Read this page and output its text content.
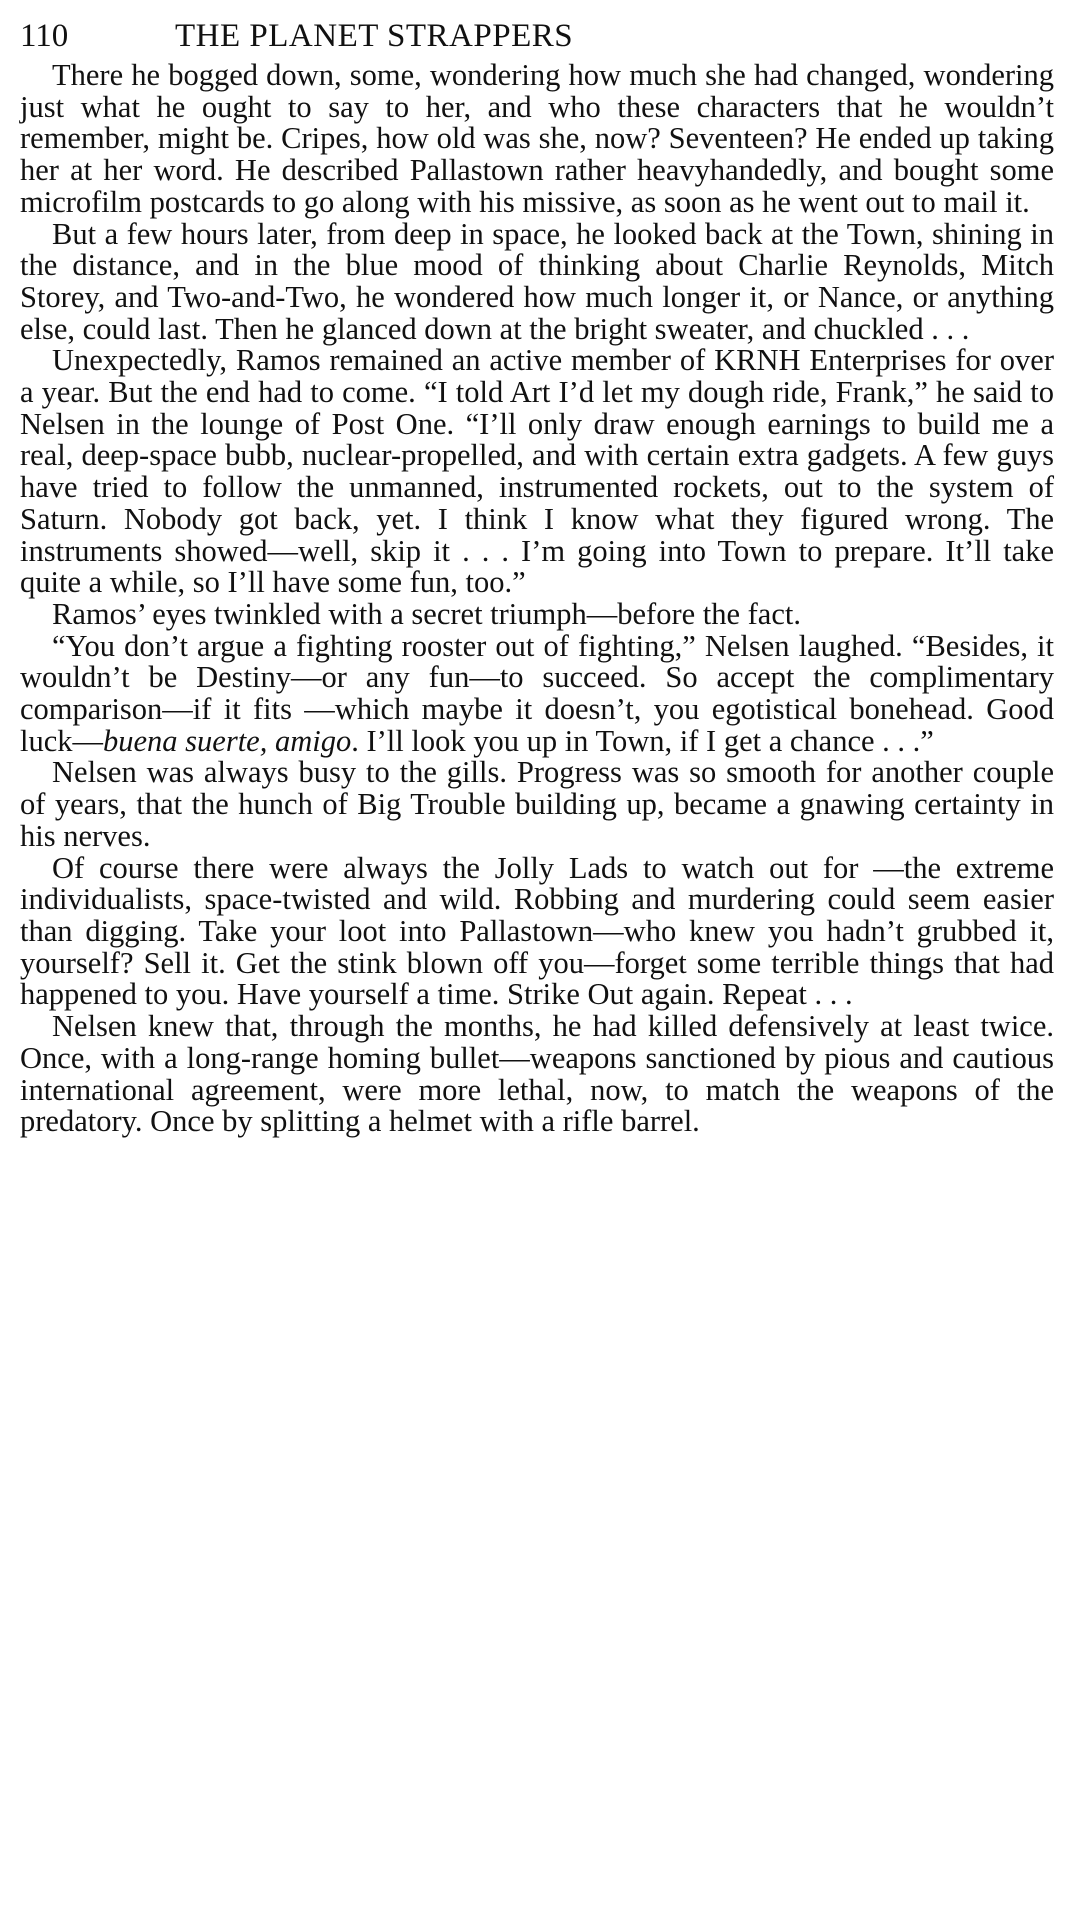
110	THE PLANET STRAPPERS

There he bogged down, some, wondering how much she had changed, wondering just what he ought to say to her, and who these characters that he wouldn’t remember, might be. Cripes, how old was she, now? Seventeen? He ended up taking her at her word. He described Pallastown rather heavyhandedly, and bought some microfilm postcards to go along with his missive, as soon as he went out to mail it.

But a few hours later, from deep in space, he looked back at the Town, shining in the distance, and in the blue mood of thinking about Charlie Reynolds, Mitch Storey, and Two-and-Two, he wondered how much longer it, or Nance, or anything else, could last. Then he glanced down at the bright sweater, and chuckled . . .

Unexpectedly, Ramos remained an active member of KRNH Enterprises for over a year. But the end had to come. “I told Art I’d let my dough ride, Frank,” he said to Nelsen in the lounge of Post One. “I’ll only draw enough earnings to build me a real, deep-space bubb, nuclear-propelled, and with certain extra gadgets. A few guys have tried to follow the unmanned, instrumented rockets, out to the system of Saturn. Nobody got back, yet. I think I know what they figured wrong. The instruments showed—well, skip it . . . I’m going into Town to prepare. It’ll take quite a while, so I’ll have some fun, too.”

Ramos’ eyes twinkled with a secret triumph—before the fact.

“You don’t argue a fighting rooster out of fighting,” Nelsen laughed. “Besides, it wouldn’t be Destiny—or any fun—to succeed. So accept the complimentary comparison—if it fits —which maybe it doesn’t, you egotistical bonehead. Good luck—buena suerte, amigo. I’ll look you up in Town, if I get a chance . . .”

Nelsen was always busy to the gills. Progress was so smooth for another couple of years, that the hunch of Big Trouble building up, became a gnawing certainty in his nerves.

Of course there were always the Jolly Lads to watch out for —the extreme individualists, space-twisted and wild. Robbing and murdering could seem easier than digging. Take your loot into Pallastown—who knew you hadn’t grubbed it, yourself? Sell it. Get the stink blown off you—forget some terrible things that had happened to you. Have yourself a time. Strike Out again. Repeat . . .

Nelsen knew that, through the months, he had killed defensively at least twice. Once, with a long-range homing bullet—weapons sanctioned by pious and cautious international agreement, were more lethal, now, to match the weapons of the predatory. Once by splitting a helmet with a rifle barrel.
